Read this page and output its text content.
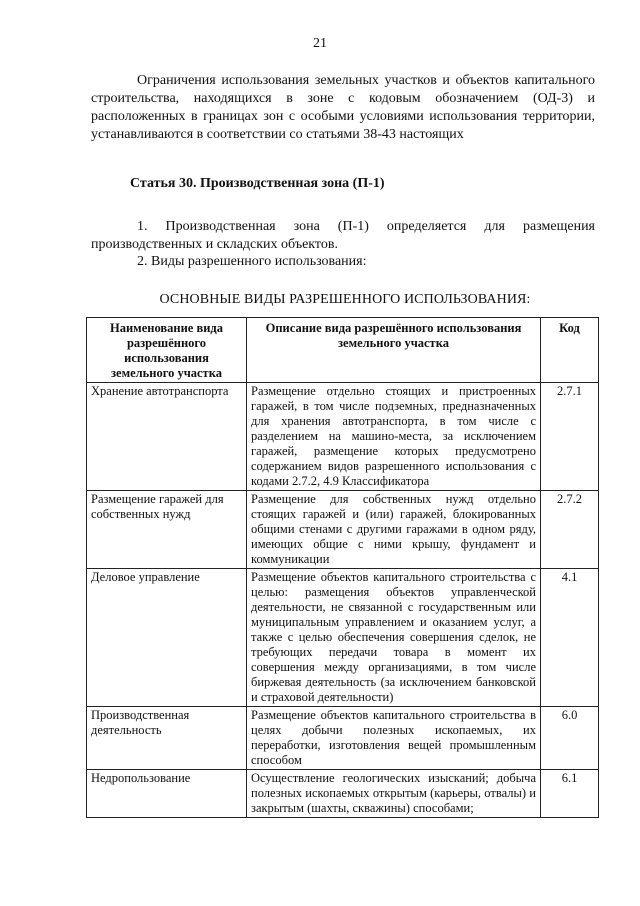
21
Ограничения использования земельных участков и объектов капитального строительства, находящихся в зоне с кодовым обозначением (ОД-3) и расположенных в границах зон с особыми условиями использования территории, устанавливаются в соответствии со статьями 38-43 настоящих
Статья 30. Производственная зона (П-1)
1. Производственная зона (П-1) определяется для размещения производственных и складских объектов.
2. Виды разрешенного использования:
ОСНОВНЫЕ ВИДЫ РАЗРЕШЕННОГО ИСПОЛЬЗОВАНИЯ:
Наименование вида разрешённого использования земельного участка	Описание вида разрешённого использования земельного участка	Код
Хранение автотранспорта	Размещение отдельно стоящих и пристроенных гаражей, в том числе подземных, предназначенных для хранения автотранспорта, в том числе с разделением на машино-места, за исключением гаражей, размещение которых предусмотрено содержанием видов разрешенного использования с кодами 2.7.2, 4.9 Классификатора	2.7.1
Размещение гаражей для собственных нужд	Размещение для собственных нужд отдельно стоящих гаражей и (или) гаражей, блокированных общими стенами с другими гаражами в одном ряду, имеющих общие с ними крышу, фундамент и коммуникации	2.7.2
Деловое управление	Размещение объектов капитального строительства с целью: размещения объектов управленческой деятельности, не связанной с государственным или муниципальным управлением и оказанием услуг, а также с целью обеспечения совершения сделок, не требующих передачи товара в момент их совершения между организациями, в том числе биржевая деятельность (за исключением банковской и страховой деятельности)	4.1
Производственная деятельность	Размещение объектов капитального строительства в целях добычи полезных ископаемых, их переработки, изготовления вещей промышленным способом	6.0
Недропользование	Осуществление геологических изысканий; добыча полезных ископаемых открытым (карьеры, отвалы) и закрытым (шахты, скважины) способами;	6.1
